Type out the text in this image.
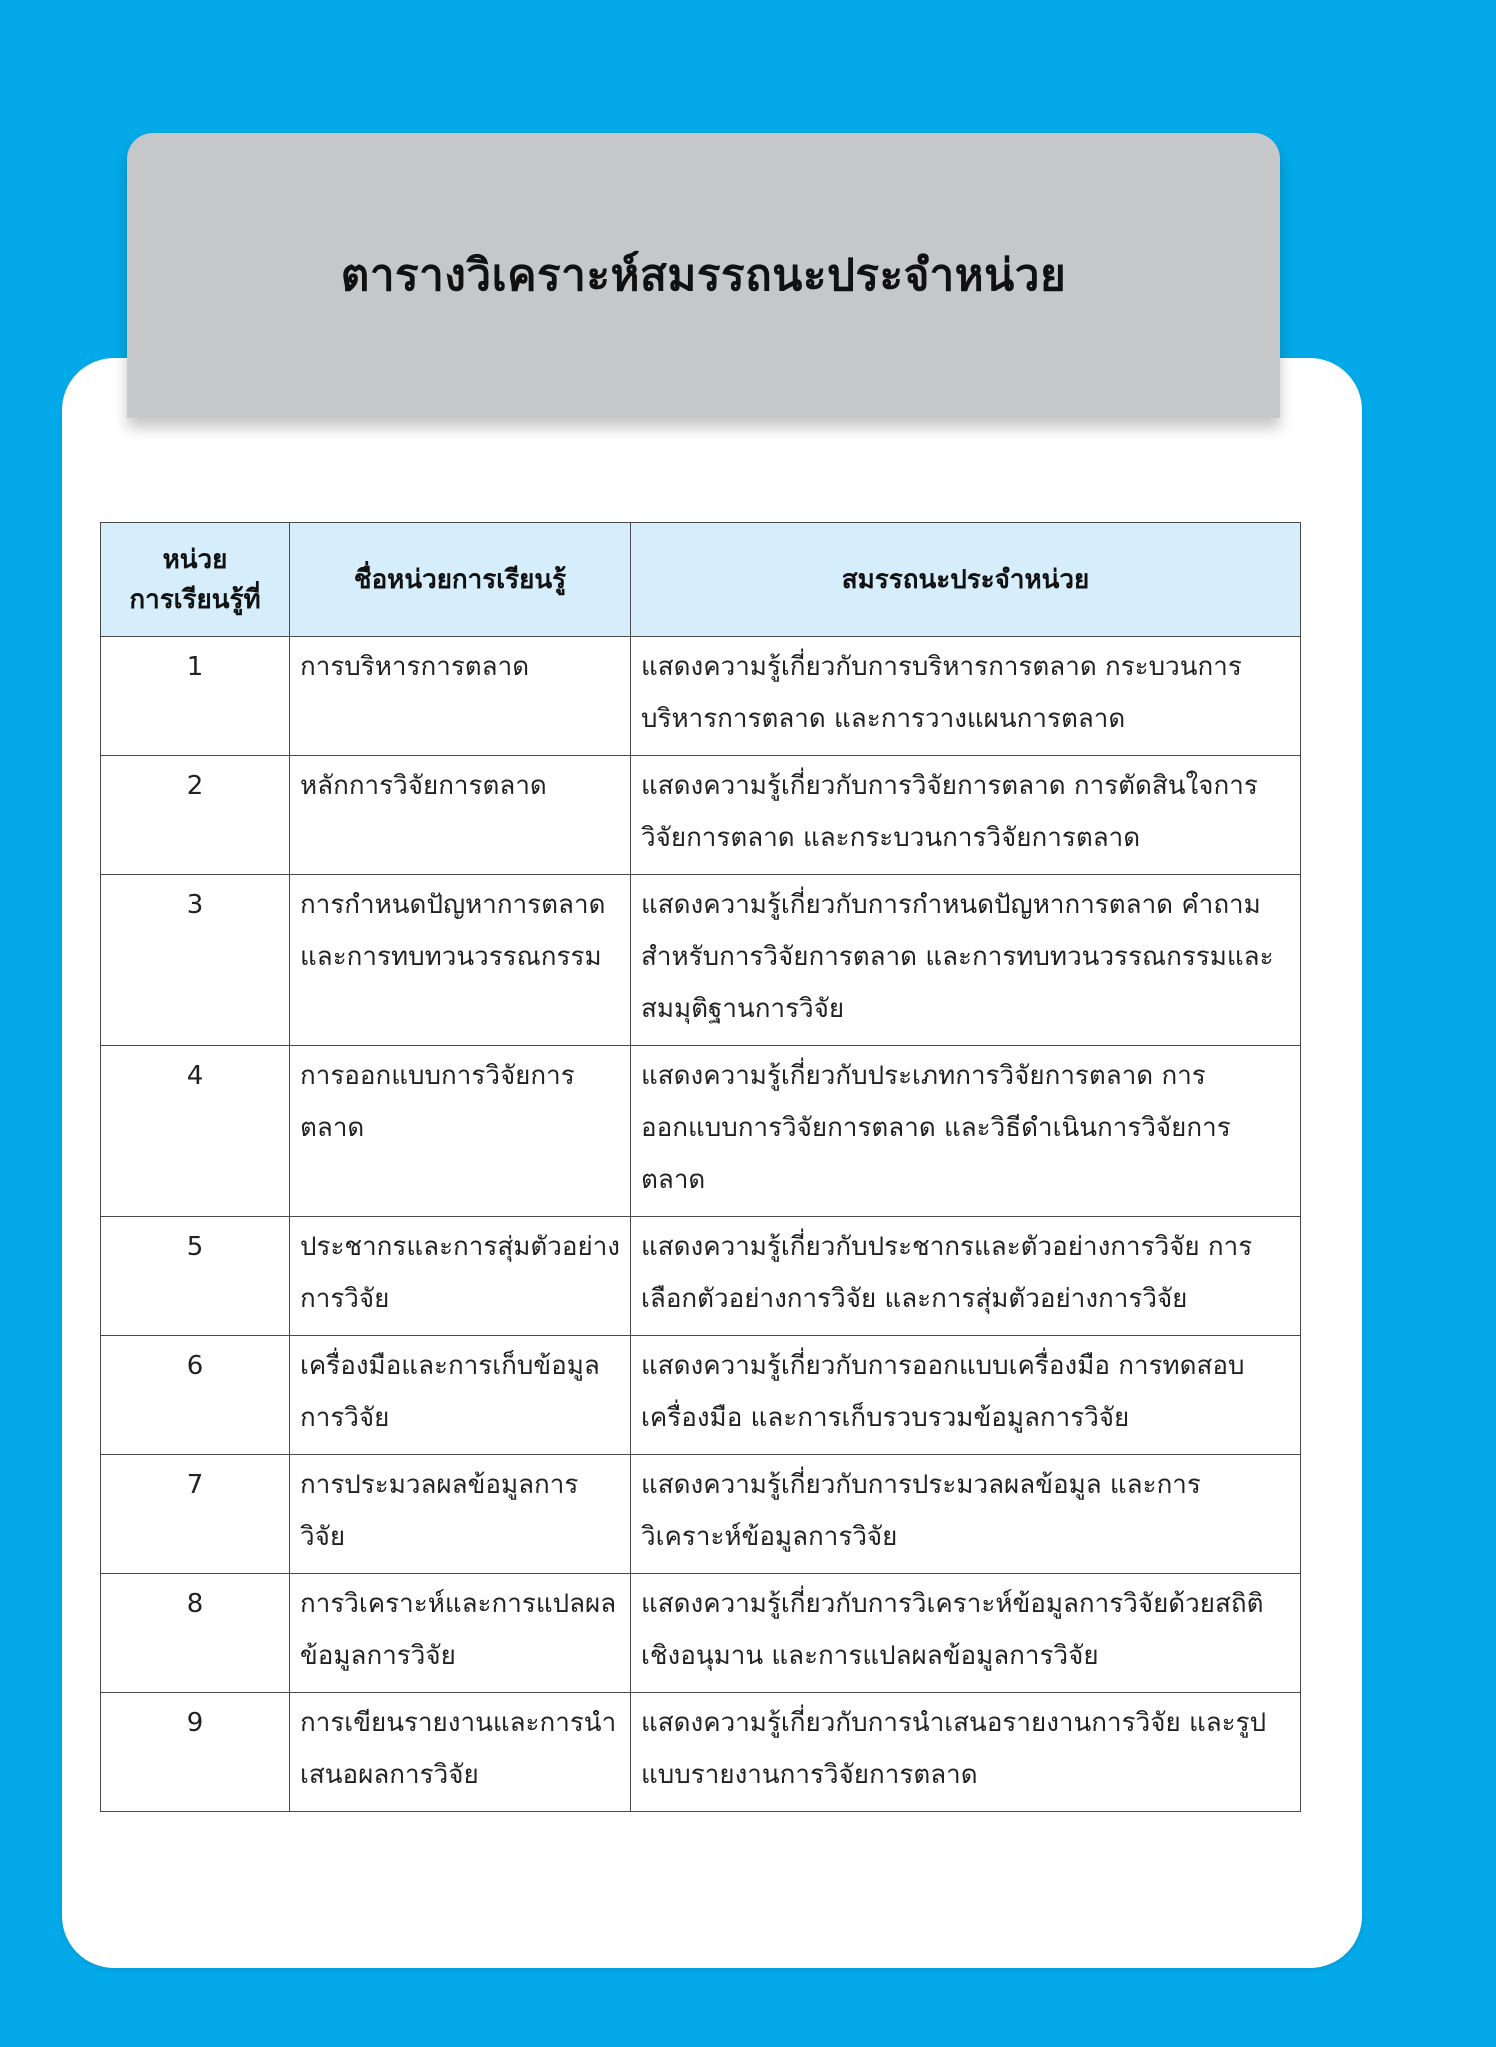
ตารางวิเคราะห์สมรรถนะประจำหน่วย
หน่วย
การเรียนรู้ที่	ชื่อหน่วยการเรียนรู้	สมรรถนะประจำหน่วย
1	การบริหารการตลาด	แสดงความรู้เกี่ยวกับการบริหารการตลาด กระบวนการบริหารการตลาด และการวางแผนการตลาด
2	หลักการวิจัยการตลาด	แสดงความรู้เกี่ยวกับการวิจัยการตลาด การตัดสินใจการวิจัยการตลาด และกระบวนการวิจัยการตลาด
3	การกำหนดปัญหาการตลาดและการทบทวนวรรณกรรม	แสดงความรู้เกี่ยวกับการกำหนดปัญหาการตลาด คำถามสำหรับการวิจัยการตลาด และการทบทวนวรรณกรรมและสมมุติฐานการวิจัย
4	การออกแบบการวิจัยการตลาด	แสดงความรู้เกี่ยวกับประเภทการวิจัยการตลาด การออกแบบการวิจัยการตลาด และวิธีดำเนินการวิจัยการตลาด
5	ประชากรและการสุ่มตัวอย่างการวิจัย	แสดงความรู้เกี่ยวกับประชากรและตัวอย่างการวิจัย การเลือกตัวอย่างการวิจัย และการสุ่มตัวอย่างการวิจัย
6	เครื่องมือและการเก็บข้อมูลการวิจัย	แสดงความรู้เกี่ยวกับการออกแบบเครื่องมือ การทดสอบเครื่องมือ และการเก็บรวบรวมข้อมูลการวิจัย
7	การประมวลผลข้อมูลการวิจัย	แสดงความรู้เกี่ยวกับการประมวลผลข้อมูล และการวิเคราะห์ข้อมูลการวิจัย
8	การวิเคราะห์และการแปลผลข้อมูลการวิจัย	แสดงความรู้เกี่ยวกับการวิเคราะห์ข้อมูลการวิจัยด้วยสถิติเชิงอนุมาน และการแปลผลข้อมูลการวิจัย
9	การเขียนรายงานและการนำเสนอผลการวิจัย	แสดงความรู้เกี่ยวกับการนำเสนอรายงานการวิจัย และรูปแบบรายงานการวิจัยการตลาด
